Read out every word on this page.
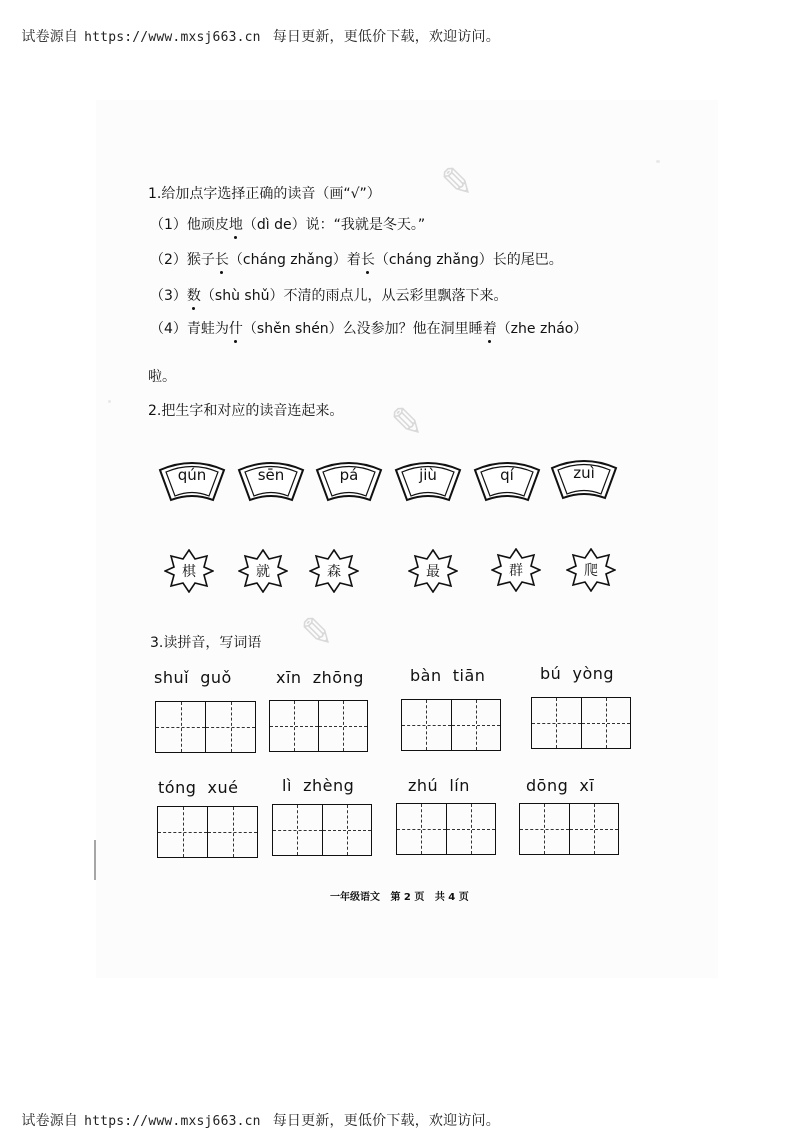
试卷源自 https://www.mxsj663.cn 每日更新，更低价下载，欢迎访问。

✎
✎
✎
1.给加点字选择正确的读音（画“√”）
（1）他顽皮地（dì de）说：“我就是冬天。”
（2）猴子长（cháng zhǎng）着长（cháng zhǎng）长的尾巴。
（3）数（shù shǔ）不清的雨点儿，从云彩里飘落下来。
（4）青蛙为什（shěn shén）么没参加？他在洞里睡着（zhe zháo）
啦。
2.把生字和对应的读音连起来。
qún	sēn	pá	jiù	qí	zuì
棋	就	森	最	群	爬
3.读拼音，写词语
shuǐ  guǒ	xīn  zhōng	bàn  tiān	bú  yòng
tóng  xué	lì  zhèng	zhú  lín	dōng  xī
一年级语文 第 2 页 共 4 页

试卷源自 https://www.mxsj663.cn 每日更新，更低价下载，欢迎访问。
